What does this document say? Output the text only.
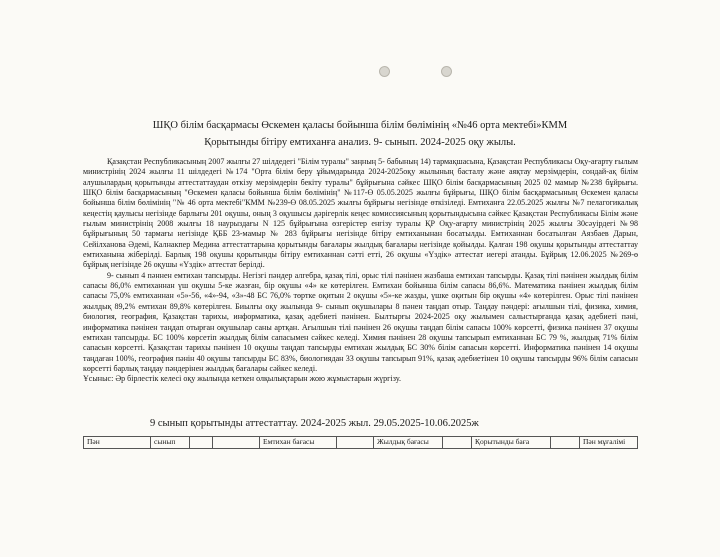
ШҚО білім басқармасы Өскемен қаласы бойынша білім бөлімінің «№46 орта мектебі»КММ
Қорытынды бітіру емтиханға анализ. 9- сынып. 2024-2025 оқу жылы.

Қазақстан Республикасының 2007 жылғы 27 шілдедегі "Білім туралы" заңның 5- бабының 14) тармақшасына, Қазақстан Республикасы Оқу-ағарту ғылым министрінің 2024 жылғы 11 шілдедегі №174 "Орта білім беру ұйымдарында 2024-2025оқу жылының басталу және аяқтау мерзімдерін, сондай-ақ білім алушылардың қорытынды аттестаттаудан өткізу мерзімдерін бекіту туралы" бұйрығына сәйкес ШҚО білім басқармасының 2025 02 мамыр №238 бұйрығы. ШҚО білім басқармасының "Өскемен қаласы бойынша білім бөлімінің" №117-Ө 05.05.2025 жылғы бұйрығы, ШҚО білім басқармасының Өскемен қаласы бойынша білім бөлімінің "№ 46 орта мектебі"КММ №239-Ө 08.05.2025 жылғы бұйрығы негізінде өткізіледі. Емтиханға 22.05.2025 жылғы №7 пелагогикалық кеңестің қаулысы негізінде барлығы 201 оқушы, оның 3 оқушысы дәрігерлік кеңес комиссиясының қорытындысына сәйкес Қазақстан Республикасы Білім және ғылым министрінің 2008 жылғы 18 наурыздағы N 125 бұйрығына өзгерістер енгізу туралы ҚР Оқу-ағарту министрінің 2025 жылғы 30сәуірдегі №98 бұйрығының 50 тармағы негізінде ҚББ 23-мамыр № 283 бұйрығы негізінде бітіру емтиханынан босатылды. Емтиханнан босатылған Аязбаев Дарын, Сейілханова Әдемі, Калнакпер Медина аттестаттарына қорытынды бағалары жылдық бағалары негізінде қойылды. Қалған 198 оқушы қорытынды аттестаттау емтиханына жіберілді. Барлық 198 оқушы қорытынды бітіру емтиханнан сәтті етті, 26 оқушы «Үздік» аттестат иегері атанды. Бұйрық 12.06.2025 №269-ө бұйрық негізінде 26 оқушы «Үздік» аттестат берілді.

9- сынып 4 пәннен емтихан тапсырды. Негізгі пәндер алгебра, қазақ тілі, орыс тілі пәнінен жазбаша емтихан тапсырды. Қазақ тілі пәнінен жылдық білім сапасы 86,0% емтиханнан үш оқушы 5-ке жазған, бір оқушы «4» ке көтерілген. Емтихан бойынша білім сапасы 86,6%. Математика пәнінен жылдық білім сапасы 75,0% емтиханнан «5»-56, «4»-94, «3»-48 БС 76,0% төртке оқитын 2 оқушы «5»-ке жазды, үшке оқитын бір оқушы «4» көтерілген. Орыс тілі пәнінен жылдық 89,2% емтихан 89,8% көтерілген. Биылғы оқу жылында 9- сынып оқушылары 8 пәнен таңдап отыр. Таңдау пәндері: ағылшын тілі, физика, химия, биология, география, Қазақстан тарихы, информатика, қазақ әдебиеті пәнінен. Былтырғы 2024-2025 оқу жылымен салыстырғанда қазақ әдебиеті пәні, информатика пәнінен таңдап отырған оқушылар саны артқан. Ағылшын тілі пәнінен 26 оқушы таңдап білім сапасы 100% көрсетті, физика пәнінен 37 оқушы емтихан тапсырды. БС 100% көрсетіп жылдық білім сапасымен сәйкес келеді. Химия пәнінен 28 оқушы тапсырып емтиханнан БС 79 %, жылдық 71% білім сапасын көрсетті. Қазақстан тарихы пәнінен 10 оқушы таңдап тапсырды емтихан жылдық БС 30% білім сапасын көрсетті. Информатика пәнінен 14 оқушы таңдаған 100%, география пәнін 40 оқушы тапсырды БС 83%, биологиядан 33 оқушы тапсырып 91%, қазақ әдебиетінен 10 оқушы тапсырды 96% білім сапасын көрсетті барлық таңдау пәндерінен жылдық бағалары сәйкес келеді.

Ұсыныс: Әр бірлестік келесі оқу жылында кеткен олқылықтарын жою жұмыстарын жүргізу.

9 сынып қорытынды аттестаттау. 2024-2025 жыл. 29.05.2025-10.06.2025ж
Пән	сынып			Емтихан бағасы		Жылдық бағасы		Қорытынды баға		Пән мұғалімі
